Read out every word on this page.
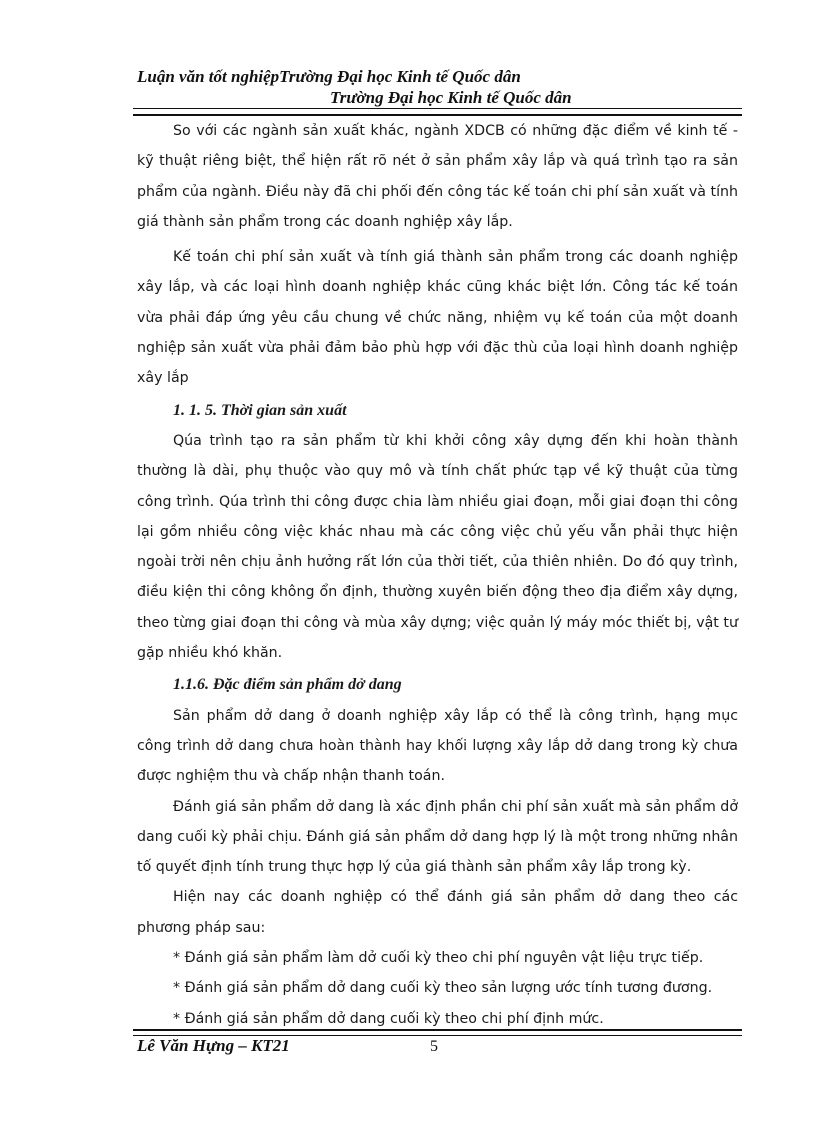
Luận văn tốt nghiệpTrường Đại học Kinh tế Quốc dân
Trường Đại học Kinh tế Quốc dân

So với các ngành sản xuất khác, ngành XDCB có những đặc điểm về kinh tế - kỹ thuật riêng biệt, thể hiện rất rõ nét ở sản phẩm xây lắp và quá trình tạo ra sản phẩm của ngành. Điều này đã chi phối đến công tác kế toán chi phí sản xuất và tính giá thành sản phẩm trong các doanh nghiệp xây lắp.

Kế toán chi phí sản xuất và tính giá thành sản phẩm trong các doanh nghiệp xây lắp, và các loại hình doanh nghiệp khác cũng khác biệt lớn. Công tác kế toán vừa phải đáp ứng yêu cầu chung về chức năng, nhiệm vụ kế toán của một doanh nghiệp sản xuất vừa phải đảm bảo phù hợp với đặc thù của loại hình doanh nghiệp xây lắp

1. 1. 5. Thời gian sản xuất

Qúa trình tạo ra sản phẩm từ khi khởi công xây dựng đến khi hoàn thành thường là dài, phụ thuộc vào quy mô và tính chất phức tạp về kỹ thuật của từng công trình. Qúa trình thi công được chia làm nhiều giai đoạn, mỗi giai đoạn thi công lại gồm nhiều công việc khác nhau mà các công việc chủ yếu vẫn phải thực hiện ngoài trời nên chịu ảnh hưởng rất lớn của thời tiết, của thiên nhiên. Do đó quy trình, điều kiện thi công không ổn định, thường xuyên biến động theo địa điểm xây dựng, theo từng giai đoạn thi công và mùa xây dựng; việc quản lý máy móc thiết bị, vật tư gặp nhiều khó khăn.

1.1.6. Đặc điểm sản phẩm dở dang

Sản phẩm dở dang ở doanh nghiệp xây lắp có thể là công trình, hạng mục công trình dở dang chưa hoàn thành hay khối lượng xây lắp dở dang trong kỳ chưa được nghiệm thu và chấp nhận thanh toán.

Đánh giá sản phẩm dở dang là xác định phần chi phí sản xuất mà sản phẩm dở dang cuối kỳ phải chịu. Đánh giá sản phẩm dở dang hợp lý là một trong những nhân tố quyết định tính trung thực hợp lý của giá thành sản phẩm xây lắp trong kỳ.

Hiện nay các doanh nghiệp có thể đánh giá sản phẩm dở dang theo các phương pháp sau:

* Đánh giá sản phẩm làm dở cuối kỳ theo chi phí nguyên vật liệu trực tiếp.

* Đánh giá sản phẩm dở dang cuối kỳ theo sản lượng ước tính tương đương.

* Đánh giá sản phẩm dở dang cuối kỳ theo chi phí định mức.

Lê Văn Hựng – KT21	5
